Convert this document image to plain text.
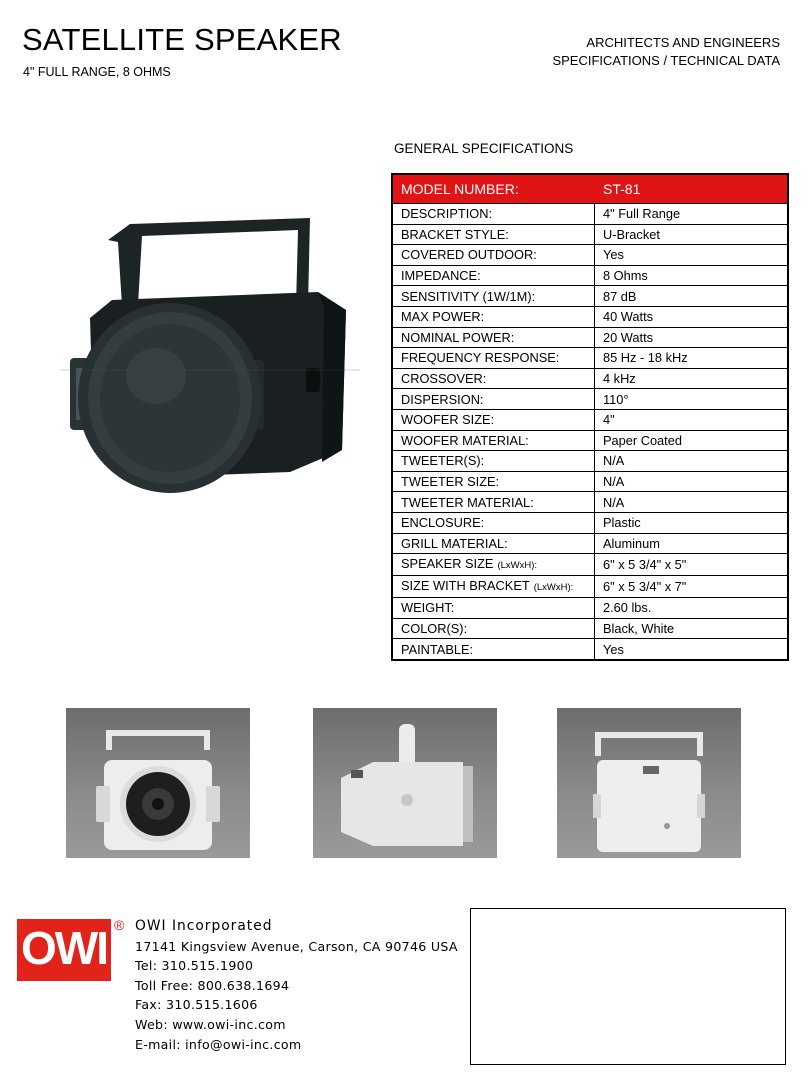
SATELLITE SPEAKER
4" FULL RANGE, 8 OHMS
ARCHITECTS AND ENGINEERS
SPECIFICATIONS / TECHNICAL DATA
GENERAL SPECIFICATIONS
MODEL NUMBER:	ST-81
DESCRIPTION:	4" Full Range
BRACKET STYLE:	U-Bracket
COVERED OUTDOOR:	Yes
IMPEDANCE:	8 Ohms
SENSITIVITY (1W/1M):	87 dB
MAX POWER:	40 Watts
NOMINAL POWER:	20 Watts
FREQUENCY RESPONSE:	85 Hz - 18 kHz
CROSSOVER:	4 kHz
DISPERSION:	110°
WOOFER SIZE:	4"
WOOFER MATERIAL:	Paper Coated
TWEETER(S):	N/A
TWEETER SIZE:	N/A
TWEETER MATERIAL:	N/A
ENCLOSURE:	Plastic
GRILL MATERIAL:	Aluminum
SPEAKER SIZE (LxWxH):	6" x 5 3/4" x 5"
SIZE WITH BRACKET (LxWxH):	6" x 5 3/4" x 7"
WEIGHT:	2.60 lbs.
COLOR(S):	Black, White
PAINTABLE:	Yes
OWI ® OWI Incorporated
17141 Kingsview Avenue, Carson, CA 90746 USA
Tel: 310.515.1900
Toll Free: 800.638.1694
Fax: 310.515.1606
Web: www.owi-inc.com
E-mail: info@owi-inc.com
